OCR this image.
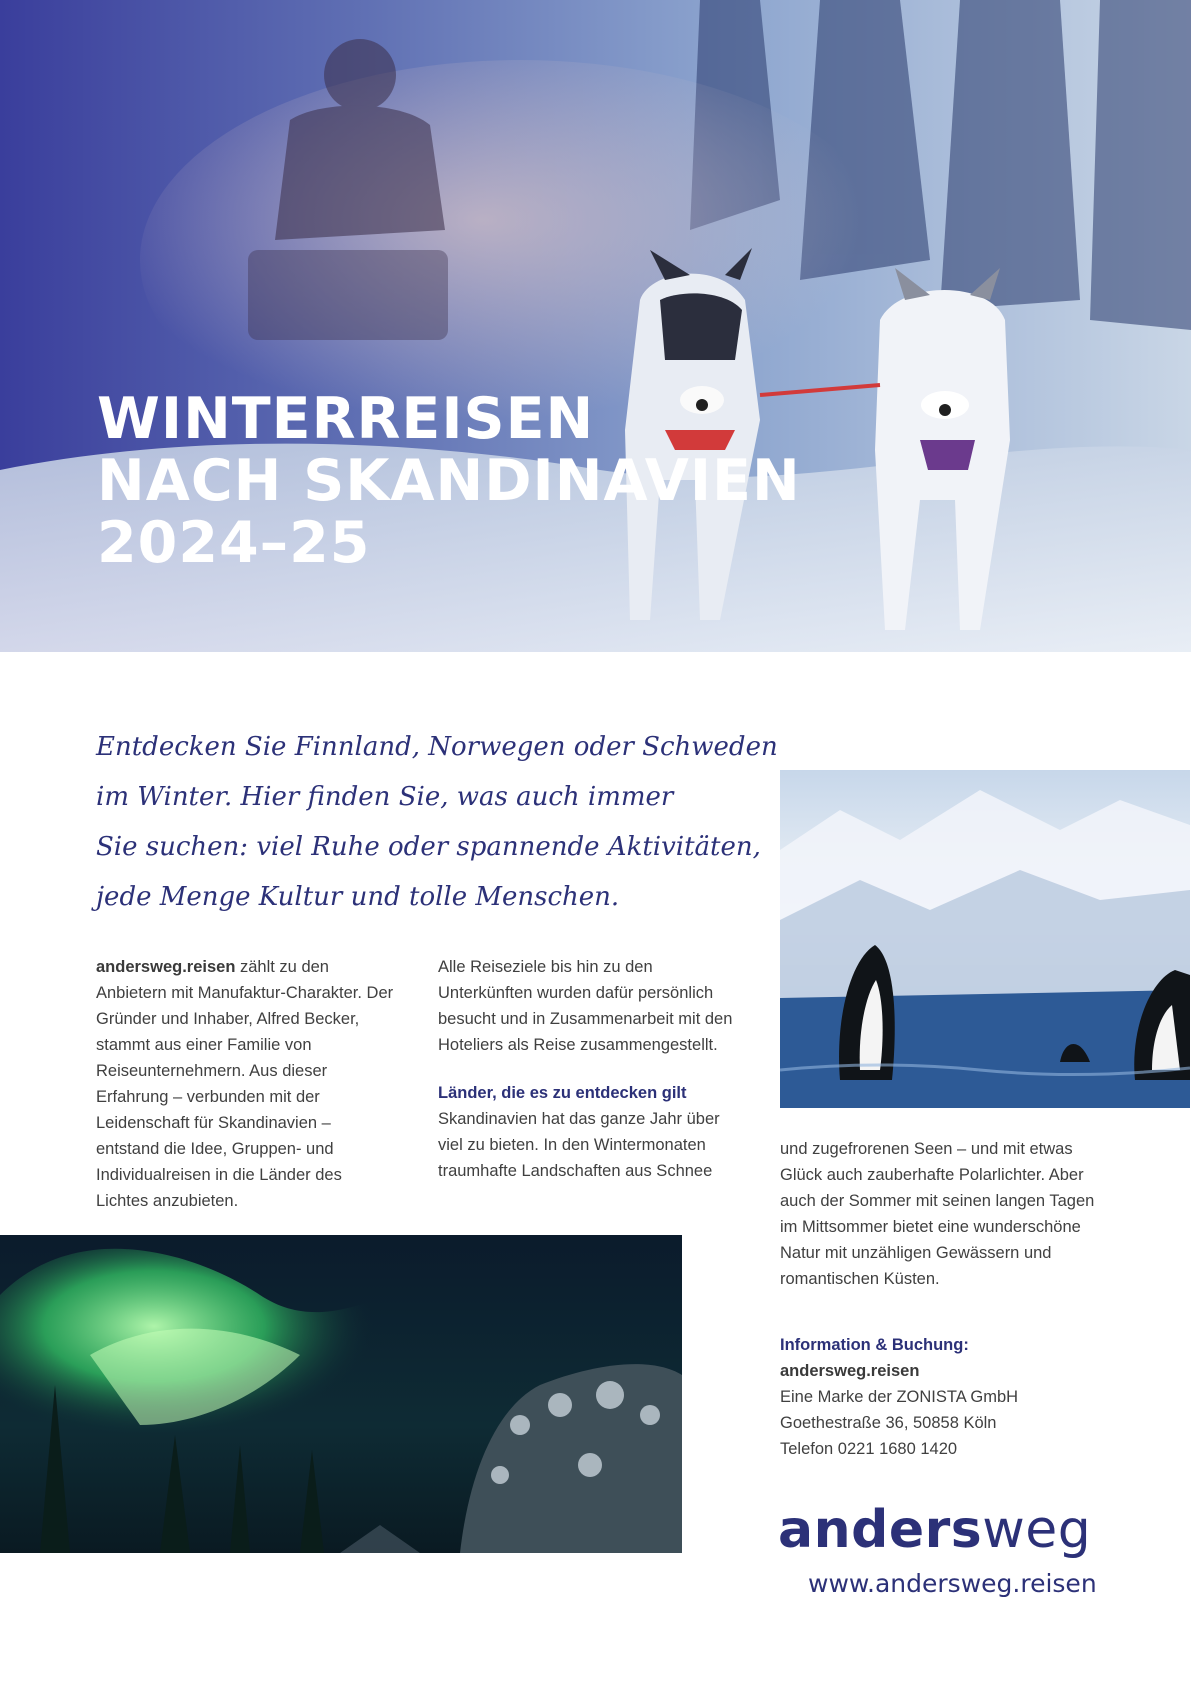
WINTERREISEN
NACH SKANDINAVIEN
2024–25

Entdecken Sie Finnland, Norwegen oder Schweden
im Winter. Hier finden Sie, was auch immer
Sie suchen: viel Ruhe oder spannende Aktivitäten,
jede Menge Kultur und tolle Menschen.

andersweg.reisen zählt zu den Anbietern mit Manufaktur-Charakter. Der Gründer und Inhaber, Alfred Becker, stammt aus einer Familie von Reiseunternehmern. Aus dieser Erfahrung – verbunden mit der Leidenschaft für Skandinavien – entstand die Idee, Gruppen- und Individualreisen in die Länder des Lichtes anzubieten.

Alle Reiseziele bis hin zu den Unterkünften wurden dafür persönlich besucht und in Zusammenarbeit mit den Hoteliers als Reise zusammengestellt.

Länder, die es zu entdecken gilt

Skandinavien hat das ganze Jahr über viel zu bieten. In den Wintermonaten traumhafte Landschaften aus Schnee

und zugefrorenen Seen – und mit etwas Glück auch zauberhafte Polarlichter. Aber auch der Sommer mit seinen langen Tagen im Mittsommer bietet eine wunderschöne Natur mit unzähligen Gewässern und romantischen Küsten.

Information & Buchung:
andersweg.reisen
Eine Marke der ZONISTA GmbH
Goethestraße 36, 50858 Köln
Telefon 0221 1680 1420
andersweg
www.andersweg.reisen
